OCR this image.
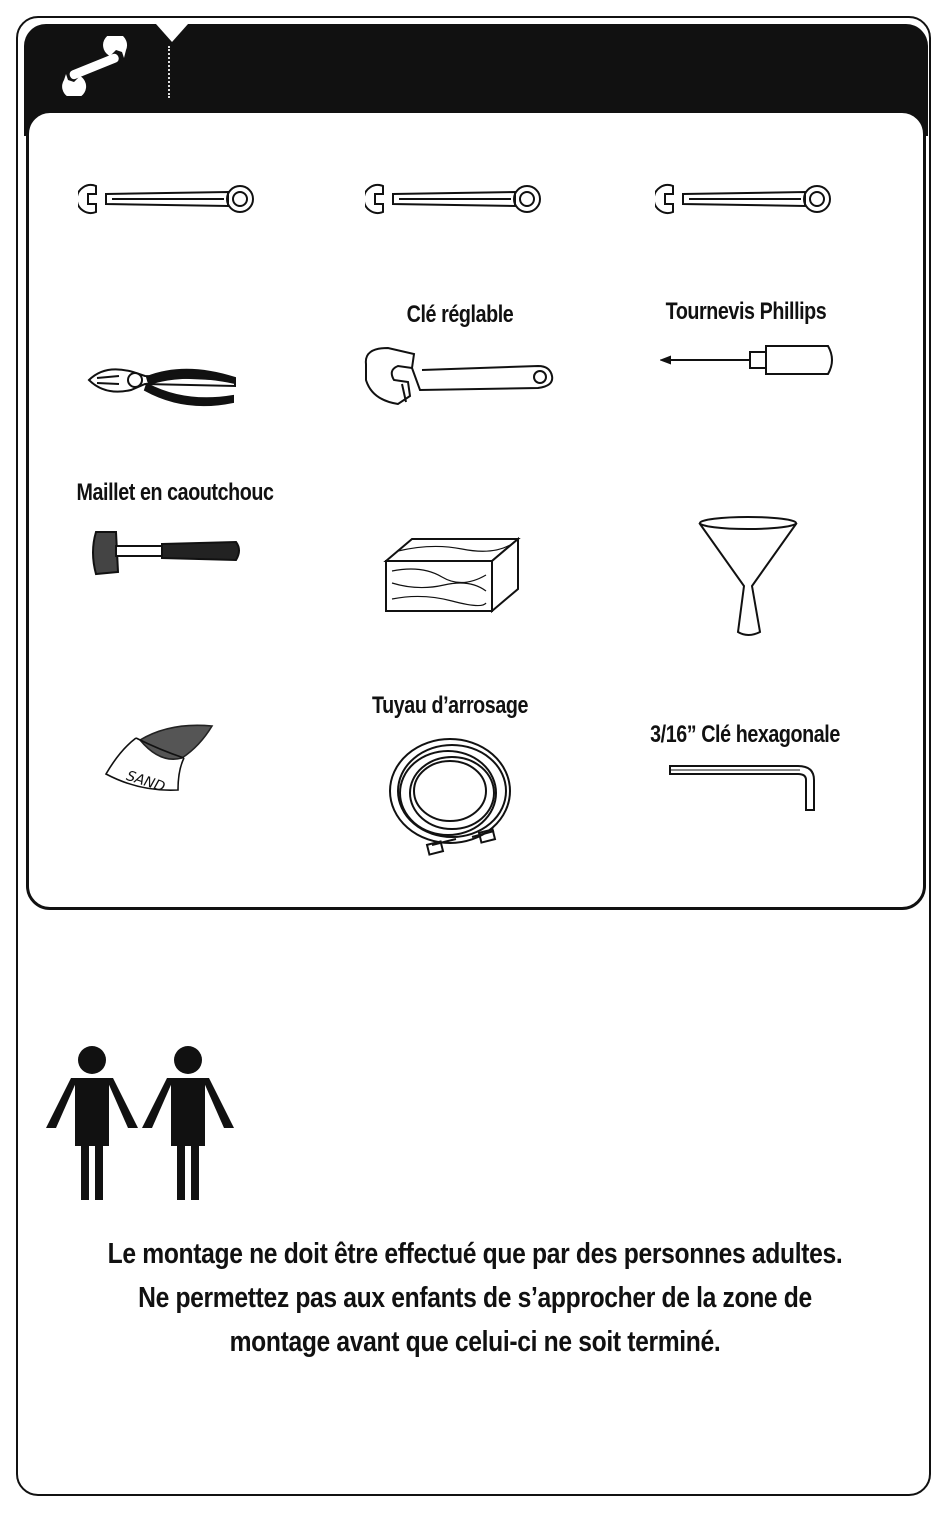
Clé réglable	Tournevis Phillips
Maillet en caoutchouc
SAND
Tuyau d’arrosage
3/16” Clé hexagonale
Le montage ne doit être effectué que par des personnes adultes. Ne permettez pas aux enfants de s’approcher de la zone de montage avant que celui-ci ne soit terminé.
